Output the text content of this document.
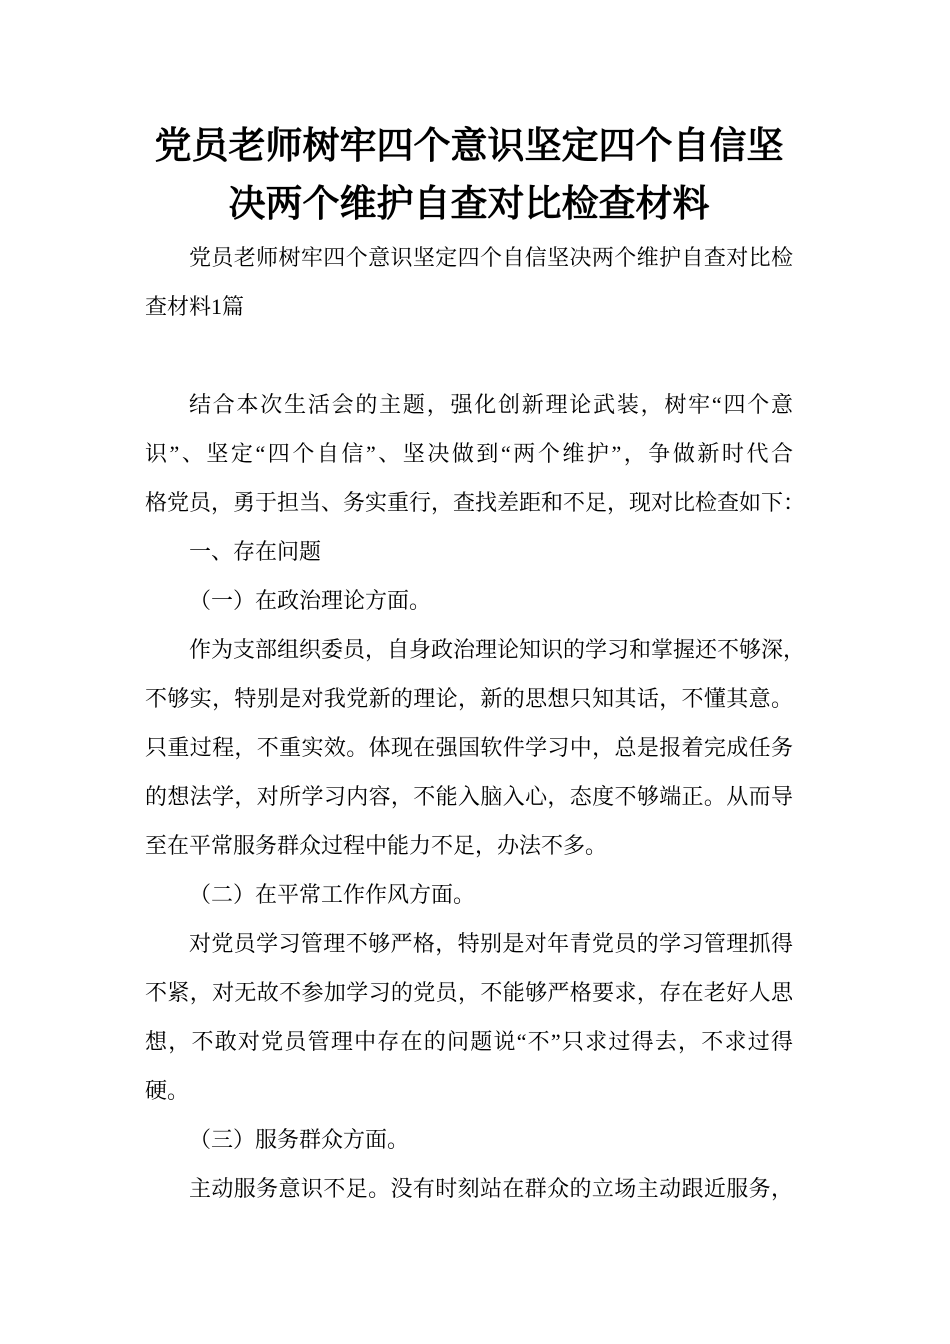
党员老师树牢四个意识坚定四个自信坚
决两个维护自查对比检查材料
党员老师树牢四个意识坚定四个自信坚决两个维护自查对比检
查材料1篇
结合本次生活会的主题，强化创新理论武装，树牢“四个意
识”、坚定“四个自信”、坚决做到“两个维护”，争做新时代合
格党员，勇于担当、务实重行，查找差距和不足，现对比检查如下：
一、存在问题
（一）在政治理论方面。
作为支部组织委员，自身政治理论知识的学习和掌握还不够深，
不够实，特别是对我党新的理论，新的思想只知其话，不懂其意。
只重过程，不重实效。体现在强国软件学习中，总是报着完成任务
的想法学，对所学习内容，不能入脑入心，态度不够端正。从而导
至在平常服务群众过程中能力不足，办法不多。
（二）在平常工作作风方面。
对党员学习管理不够严格，特别是对年青党员的学习管理抓得
不紧，对无故不参加学习的党员，不能够严格要求，存在老好人思
想，不敢对党员管理中存在的问题说“不”只求过得去，不求过得
硬。
（三）服务群众方面。
主动服务意识不足。没有时刻站在群众的立场主动跟近服务，
